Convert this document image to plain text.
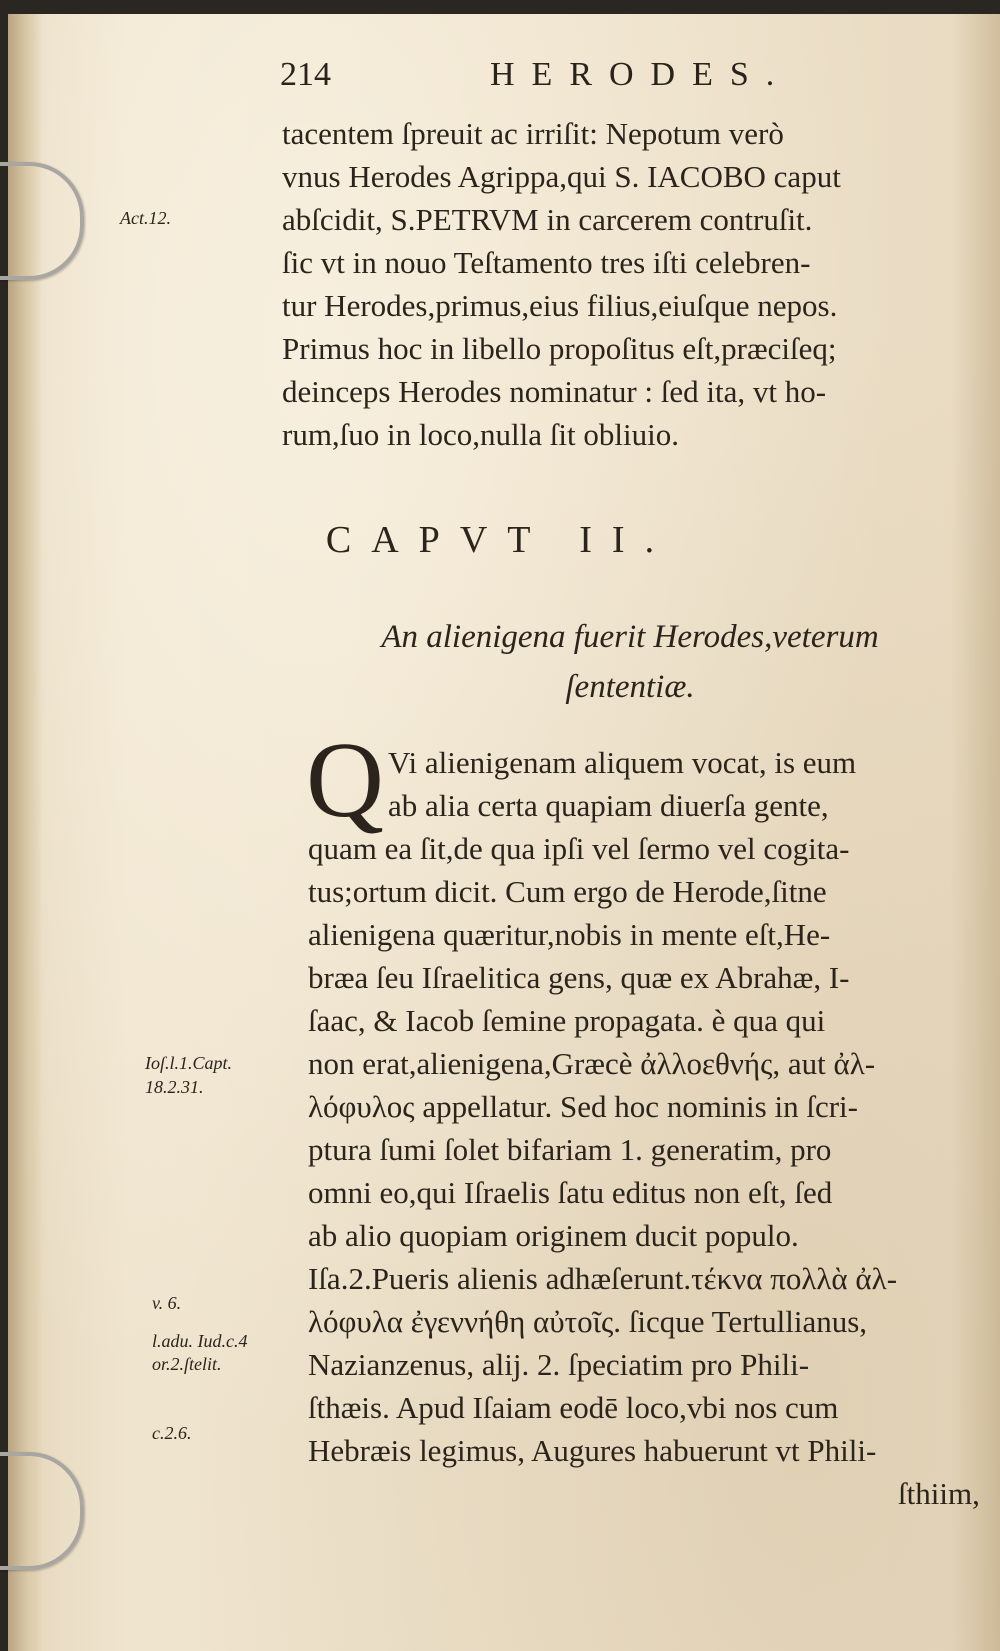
214	HERODES.
tacentem ſpreuit ac irriſit: Nepotum verò
vnus Herodes Agrippa,qui S. IACOBO caput
abſcidit, S.PETRVM in carcerem contruſit.
ſic vt in nouo Teſtamento tres iſti celebren-
tur Herodes,primus,eius filius,eiuſque nepos.
Primus hoc in libello propoſitus eſt,præciſeq;
deinceps Herodes nominatur : ſed ita, vt ho-
rum,ſuo in loco,nulla ſit obliuio.
Act.12.
CAPVT II.
An alienigena fuerit Herodes,veterum
ſententiæ.
Q Vi alienigenam aliquem vocat, is eum
ab alia certa quapiam diuerſa gente,
quam ea ſit,de qua ipſi vel ſermo vel cogita-
tus;ortum dicit. Cum ergo de Herode,ſitne
alienigena quæritur,nobis in mente eſt,He-
bræa ſeu Iſraelitica gens, quæ ex Abrahæ, I-
ſaac, & Iacob ſemine propagata. è qua qui
non erat,alienigena,Græcè ἀλλοεθνής, aut ἀλ-
λόφυλος appellatur. Sed hoc nominis in ſcri-
ptura ſumi ſolet bifariam 1. generatim, pro
omni eo,qui Iſraelis ſatu editus non eſt, ſed
ab alio quopiam originem ducit populo.
Iſa.2.Pueris alienis adhæſerunt.τέκνα πολλὰ ἀλ-
λόφυλα ἐγεννήθη αὐτοῖς. ſicque Tertullianus,
Nazianzenus, alij. 2. ſpeciatim pro Phili-
ſthæis. Apud Iſaiam eodē loco,vbi nos cum
Hebræis legimus, Augures habuerunt vt Phili-
ſthiim,
Ioſ.l.1.Capt.
18.2.31.
v. 6.
l.adu. Iud.c.4
or.2.ſtelit.
c.2.6.
